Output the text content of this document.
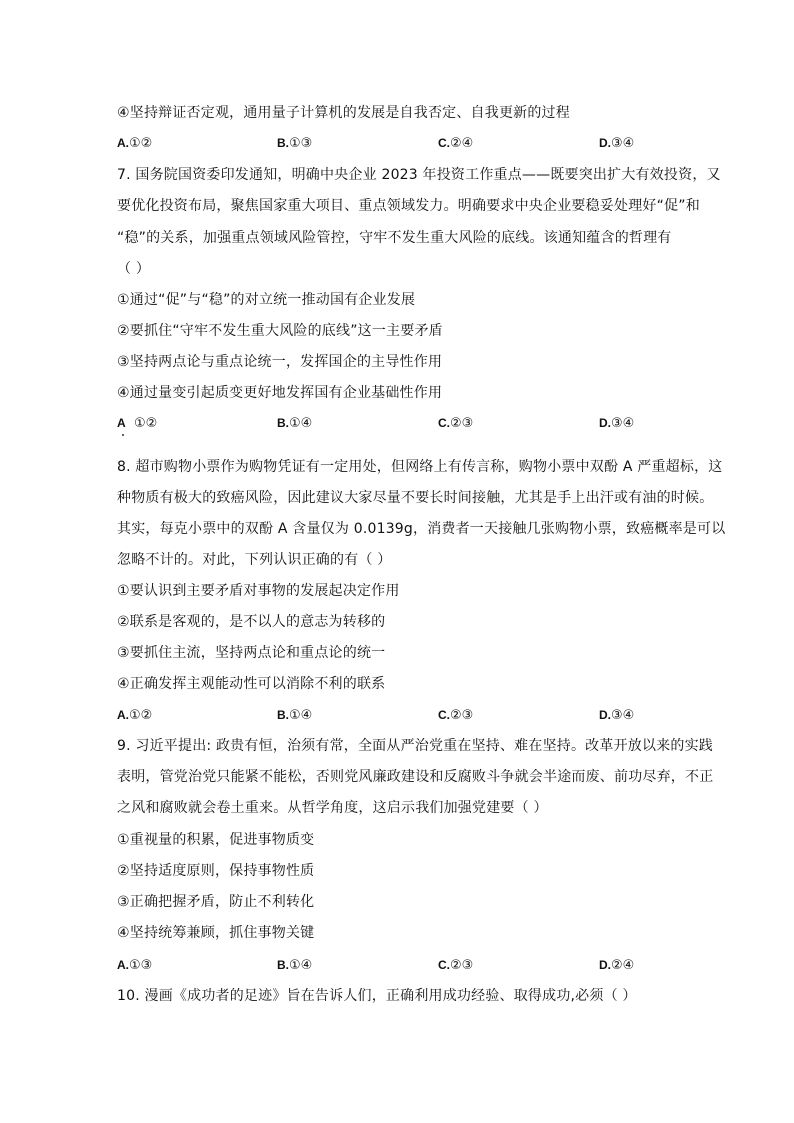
④坚持辩证否定观，通用量子计算机的发展是自我否定、自我更新的过程
A.①②	B.①③	C.②④	D.③④
7. 国务院国资委印发通知，明确中央企业 2023 年投资工作重点——既要突出扩大有效投资，又
要优化投资布局，聚焦国家重大项目、重点领域发力。明确要求中央企业要稳妥处理好“促”和
“稳”的关系，加强重点领域风险管控，守牢不发生重大风险的底线。该通知蕴含的哲理有
（ ）
①通过“促”与“稳”的对立统一推动国有企业发展
②要抓住“守牢不发生重大风险的底线”这一主要矛盾
③坚持两点论与重点论统一，发挥国企的主导性作用
④通过量变引起质变更好地发挥国有企业基础性作用
A ①②	B.①④	C.②③	D.③④
8. 超市购物小票作为购物凭证有一定用处，但网络上有传言称，购物小票中双酚 A 严重超标，这
种物质有极大的致癌风险，因此建议大家尽量不要长时间接触，尤其是手上出汗或有油的时候。
其实，每克小票中的双酚 A 含量仅为 0.0139g，消费者一天接触几张购物小票，致癌概率是可以
忽略不计的。对此，下列认识正确的有（ ）
①要认识到主要矛盾对事物的发展起决定作用
②联系是客观的，是不以人的意志为转移的
③要抓住主流，坚持两点论和重点论的统一
④正确发挥主观能动性可以消除不利的联系
A.①②	B.①④	C.②③	D.③④
9. 习近平提出: 政贵有恒，治须有常，全面从严治党重在坚持、难在坚持。改革开放以来的实践
表明，管党治党只能紧不能松，否则党风廉政建设和反腐败斗争就会半途而废、前功尽弃，不正
之风和腐败就会卷土重来。从哲学角度，这启示我们加强党建要（ ）
①重视量的积累，促进事物质变
②坚持适度原则，保持事物性质
③正确把握矛盾，防止不利转化
④坚持统筹兼顾，抓住事物关键
A.①③	B.①④	C.②③	D.②④
10. 漫画《成功者的足迹》旨在告诉人们，正确利用成功经验、取得成功,必须（ ）
